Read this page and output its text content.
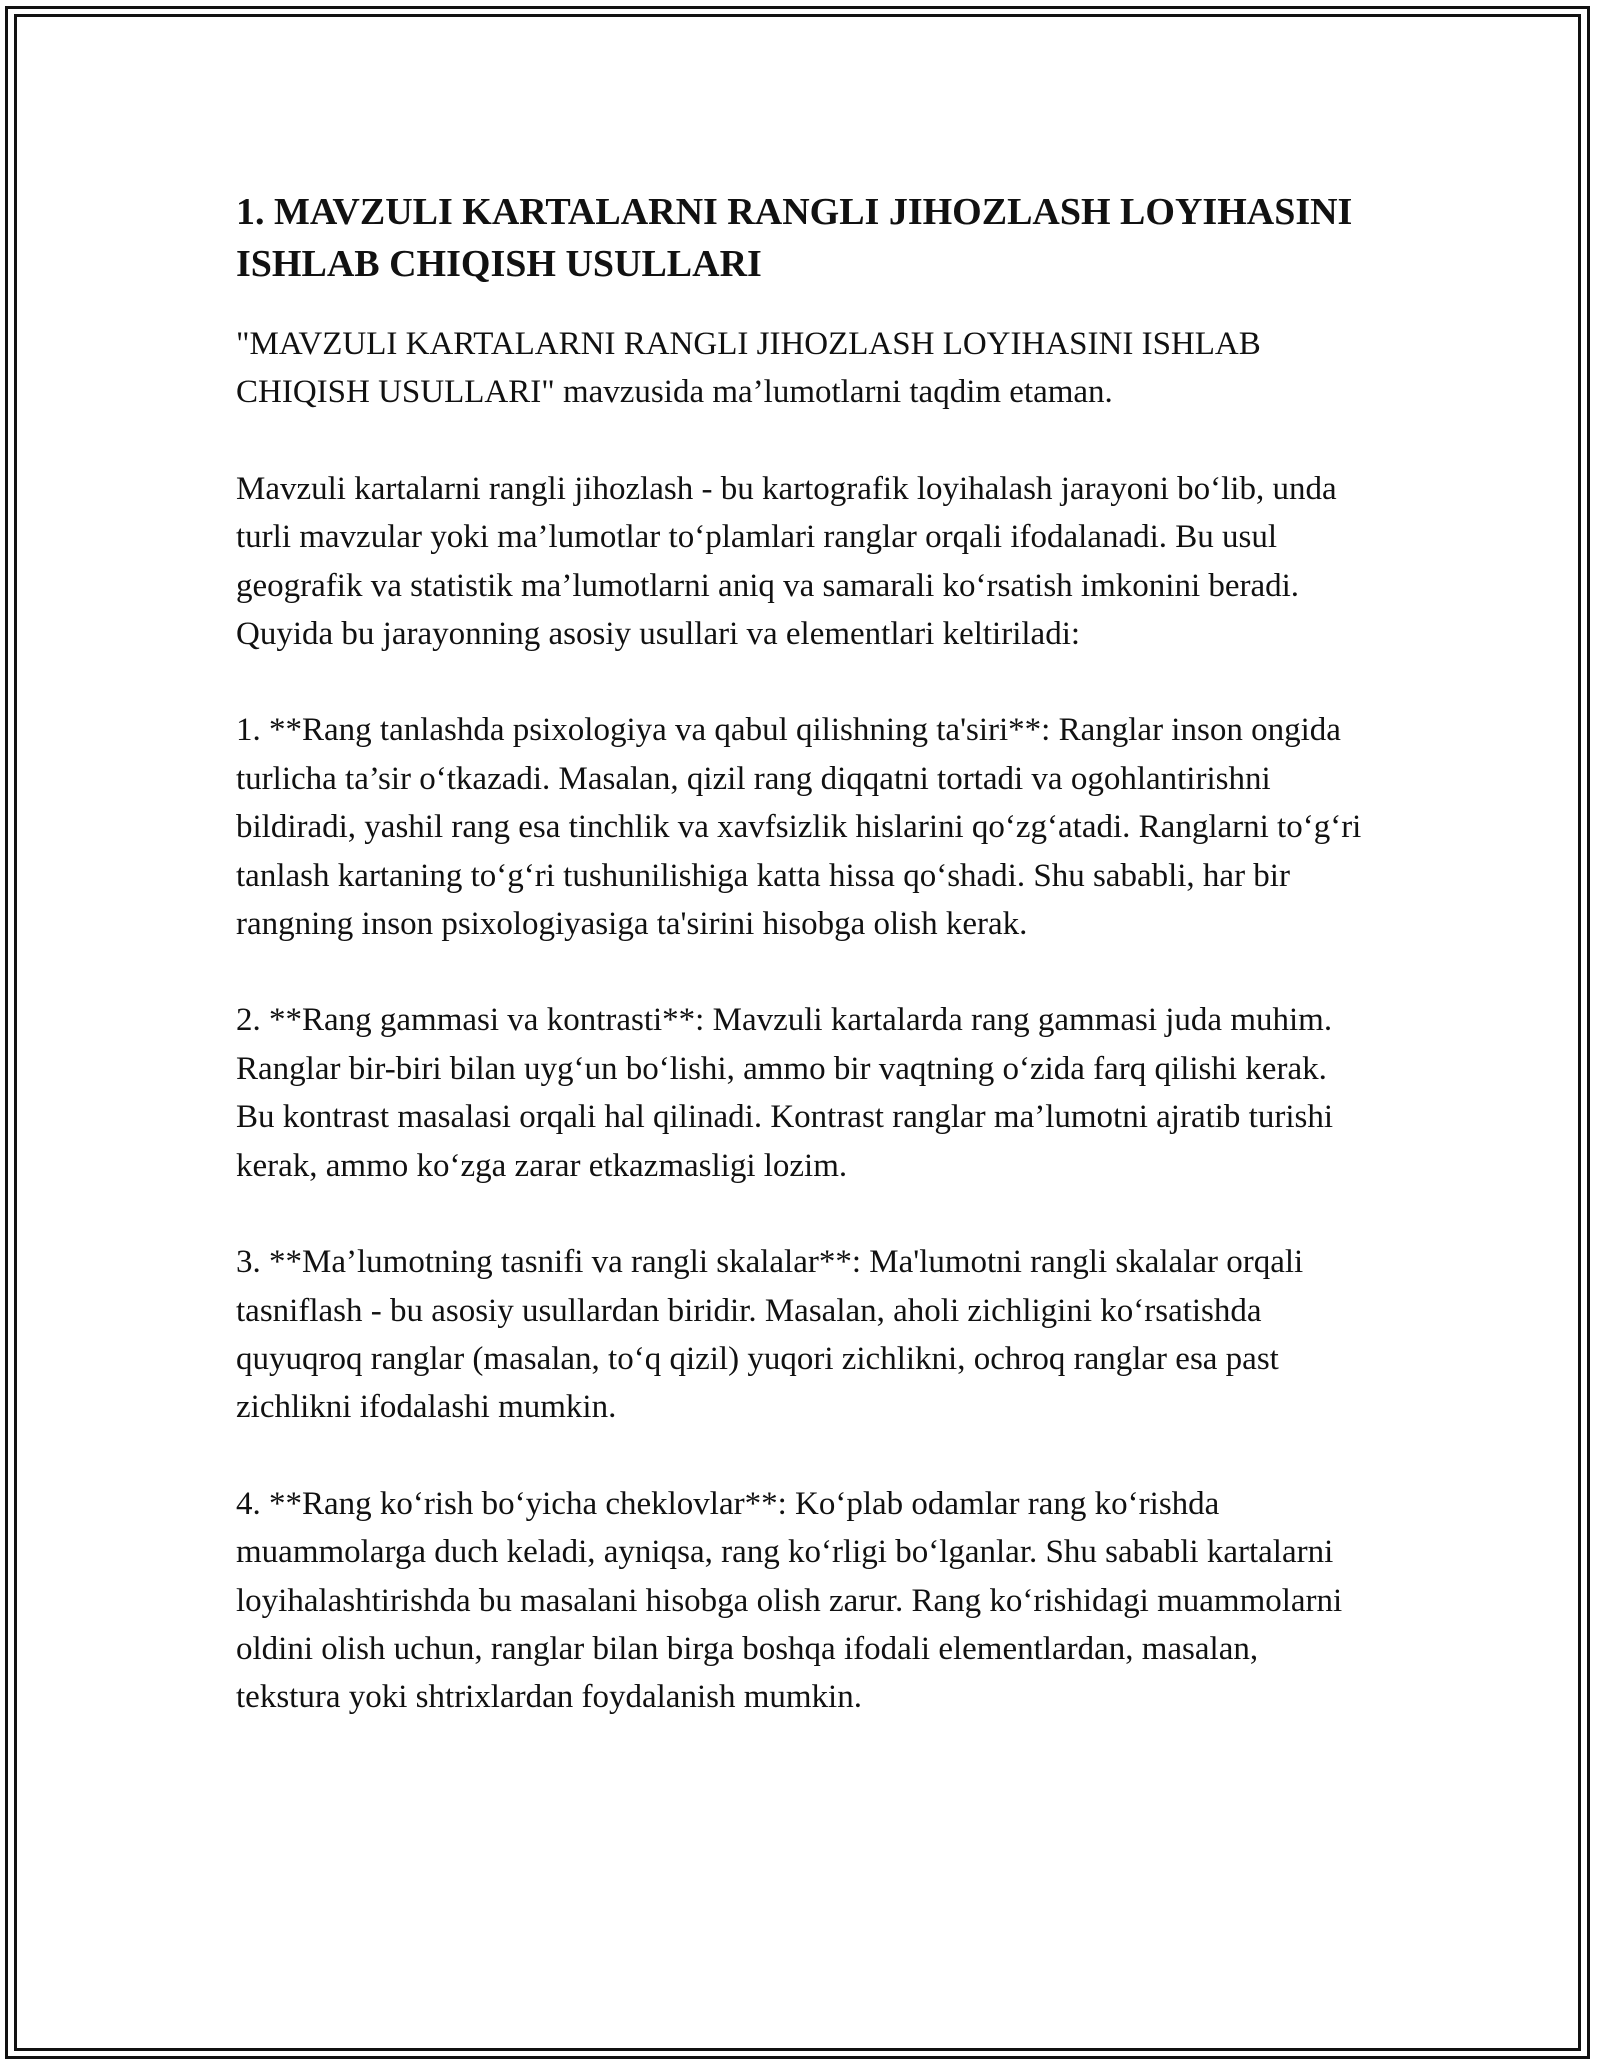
1. MAVZULI KARTALARNI RANGLI JIHOZLASH LOYIHASINI ISHLAB CHIQISH USULLARI

"MAVZULI KARTALARNI RANGLI JIHOZLASH LOYIHASINI ISHLAB CHIQISH USULLARI" mavzusida ma’lumotlarni taqdim etaman.

Mavzuli kartalarni rangli jihozlash - bu kartografik loyihalash jarayoni bo‘lib, unda turli mavzular yoki ma’lumotlar to‘plamlari ranglar orqali ifodalanadi. Bu usul geografik va statistik ma’lumotlarni aniq va samarali ko‘rsatish imkonini beradi. Quyida bu jarayonning asosiy usullari va elementlari keltiriladi:

1. **Rang tanlashda psixologiya va qabul qilishning ta'siri**: Ranglar inson ongida turlicha ta’sir o‘tkazadi. Masalan, qizil rang diqqatni tortadi va ogohlantirishni bildiradi, yashil rang esa tinchlik va xavfsizlik hislarini qo‘zg‘atadi. Ranglarni to‘g‘ri tanlash kartaning to‘g‘ri tushunilishiga katta hissa qo‘shadi. Shu sababli, har bir rangning inson psixologiyasiga ta'sirini hisobga olish kerak.

2. **Rang gammasi va kontrasti**: Mavzuli kartalarda rang gammasi juda muhim. Ranglar bir-biri bilan uyg‘un bo‘lishi, ammo bir vaqtning o‘zida farq qilishi kerak. Bu kontrast masalasi orqali hal qilinadi. Kontrast ranglar ma’lumotni ajratib turishi kerak, ammo ko‘zga zarar etkazmasligi lozim.

3. **Ma’lumotning tasnifi va rangli skalalar**: Ma'lumotni rangli skalalar orqali tasniflash - bu asosiy usullardan biridir. Masalan, aholi zichligini ko‘rsatishda quyuqroq ranglar (masalan, to‘q qizil) yuqori zichlikni, ochroq ranglar esa past zichlikni ifodalashi mumkin.

4. **Rang ko‘rish bo‘yicha cheklovlar**: Ko‘plab odamlar rang ko‘rishda muammolarga duch keladi, ayniqsa, rang ko‘rligi bo‘lganlar. Shu sababli kartalarni loyihalashtirishda bu masalani hisobga olish zarur. Rang ko‘rishidagi muammolarni oldini olish uchun, ranglar bilan birga boshqa ifodali elementlardan, masalan, tekstura yoki shtrixlardan foydalanish mumkin.
